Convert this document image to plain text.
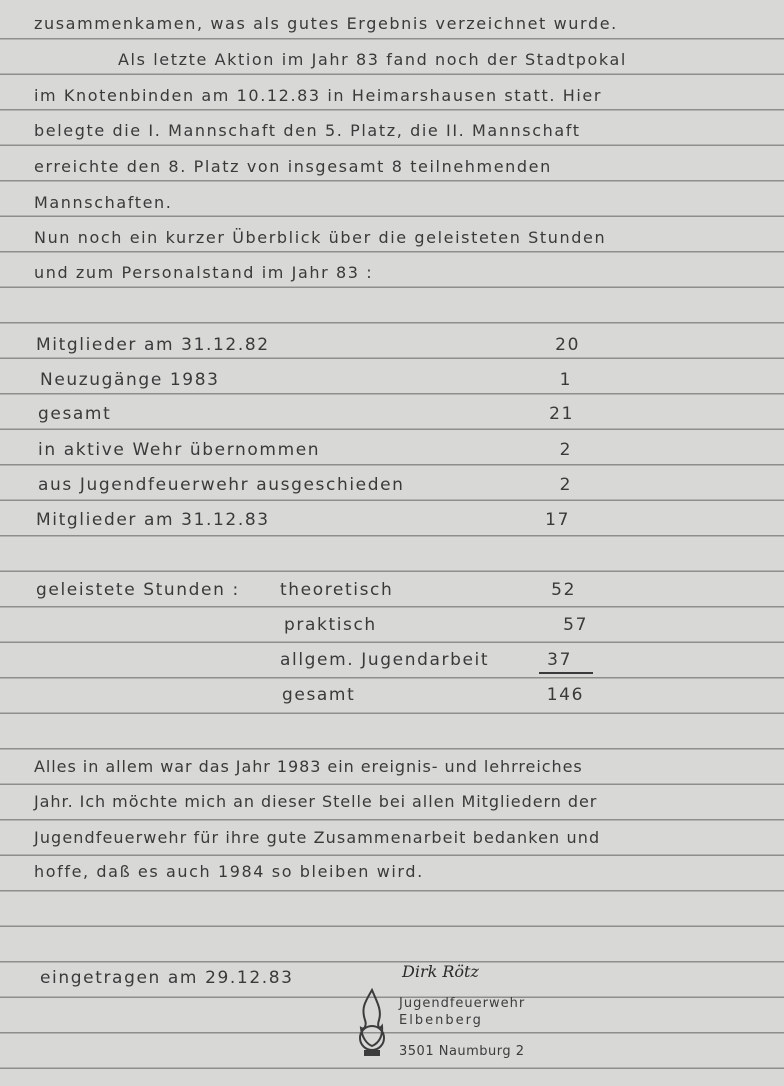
zusammenkamen, was als gutes Ergebnis verzeichnet wurde.
Als letzte Aktion im Jahr 83 fand noch der Stadtpokal
im Knotenbinden am 10.12.83 in Heimarshausen statt. Hier
belegte die I. Mannschaft den 5. Platz, die II. Mannschaft
erreichte den 8. Platz von insgesamt 8 teilnehmenden
Mannschaften.
Nun noch ein kurzer Überblick über die geleisteten Stunden
und zum Personalstand im Jahr 83 :
Mitglieder am 31.12.82	20
Neuzugänge 1983	1
gesamt	21
in aktive Wehr übernommen	2
aus Jugendfeuerwehr ausgeschieden	2
Mitglieder am 31.12.83	17
geleistete Stunden : theoretisch	52
praktisch	57
allgem. Jugendarbeit	37
gesamt	146
Alles in allem war das Jahr 1983 ein ereignis- und lehrreiches
Jahr. Ich möchte mich an dieser Stelle bei allen Mitgliedern der
Jugendfeuerwehr für ihre gute Zusammenarbeit bedanken und
hoffe, daß es auch 1984 so bleiben wird.
eingetragen am 29.12.83	Dirk Rötz
Jugendfeuerwehr
Elbenberg
3501 Naumburg 2
